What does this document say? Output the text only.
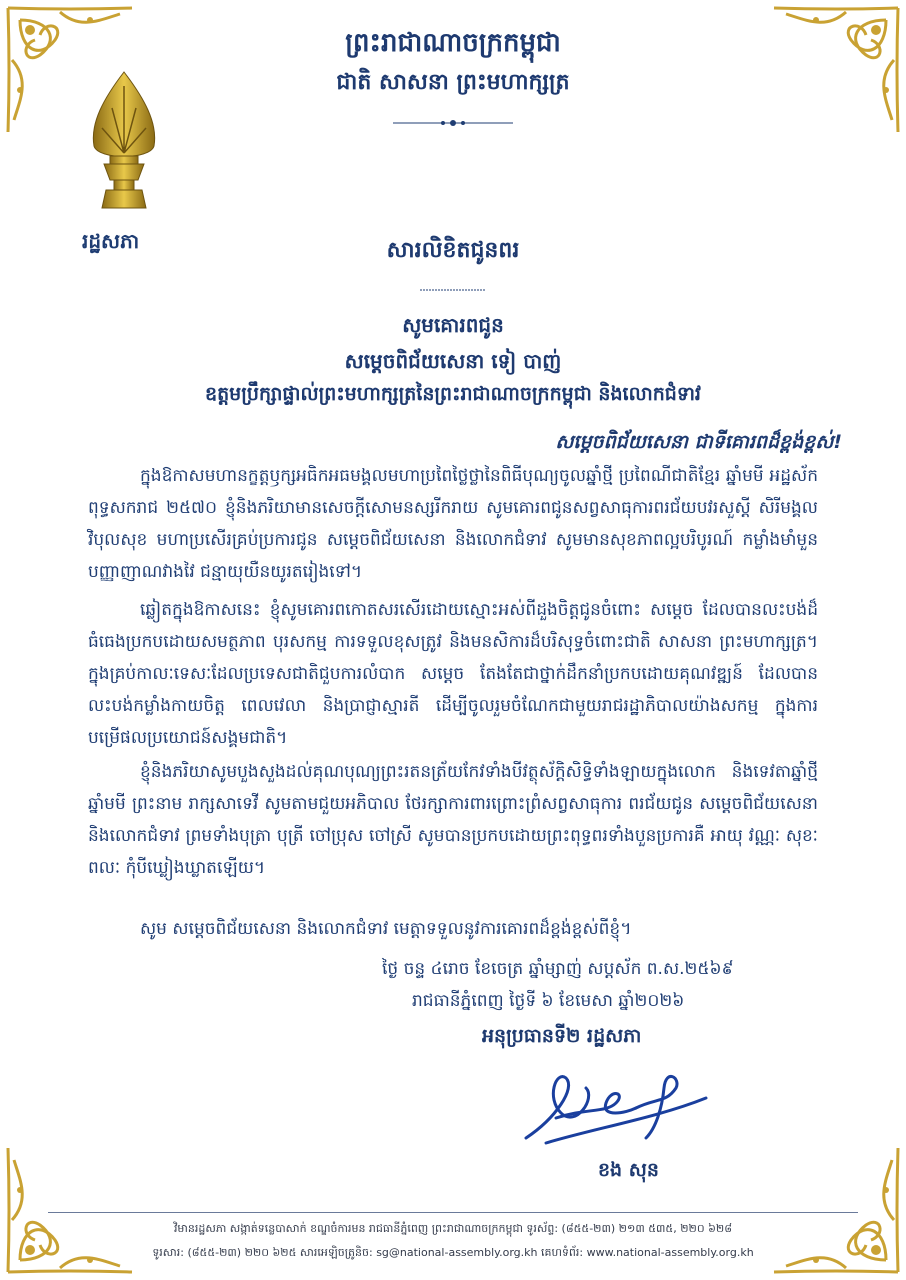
រដ្ឋសភា
ព្រះរាជាណាចក្រកម្ពុជា
ជាតិ សាសនា ព្រះមហាក្សត្រ
សារលិខិតជូនពរ
សូមគោរពជូន
សម្តេចពិជ័យសេនា ទៀ បាញ់
ឧត្តមប្រឹក្សាផ្ទាល់ព្រះមហាក្សត្រនៃព្រះរាជាណាចក្រកម្ពុជា និងលោកជំទាវ
សម្តេចពិជ័យសេនា ជាទីគោរពដ៏ខ្ពង់ខ្ពស់!
ក្នុងឱកាសមហានក្ខត្តឫក្សអធិកអធមង្គលមហាប្រពៃថ្លៃថ្លានៃពិធីបុណ្យចូលឆ្នាំថ្មី ប្រពៃណីជាតិខ្មែរ ឆ្នាំមមី អដ្ឋស័ក ពុទ្ធសករាជ ២៥៧០ ខ្ញុំនិងភរិយាមានសេចក្តីសោមនស្សរីករាយ សូមគោរពជូនសព្វសាធុការពរជ័យបវរសួស្តី សិរីមង្គល វិបុលសុខ មហាប្រសើរគ្រប់ប្រការជូន សម្តេចពិជ័យសេនា និងលោកជំទាវ សូមមានសុខភាពល្អបរិបូរណ៍ កម្លាំងមាំមួន បញ្ញាញាណវាងវៃ ជន្មាយុយឺនយូរតរៀងទៅ។
ឆ្លៀតក្នុងឱកាសនេះ ខ្ញុំសូមគោរពកោតសរសើរដោយស្មោះអស់ពីដួងចិត្តជូនចំពោះ សម្តេច ដែលបានលះបង់ដ៏ធំធេងប្រកបដោយសមត្ថភាព បុរសកម្ម ការទទួលខុសត្រូវ និងមនសិការដ៏បរិសុទ្ធចំពោះជាតិ សាសនា ព្រះមហាក្សត្រ។ ក្នុងគ្រប់កាលៈទេសៈដែលប្រទេសជាតិជួបការលំបាក សម្តេច តែងតែជាថ្នាក់ដឹកនាំប្រកបដោយគុណវឌ្ឍន៍ ដែលបានលះបង់កម្លាំងកាយចិត្ត ពេលវេលា និងប្រាជ្ញាស្មារតី ដើម្បីចូលរួមចំណែកជាមួយរាជរដ្ឋាភិបាលយ៉ាងសកម្ម ក្នុងការបម្រើផលប្រយោជន៍សង្គមជាតិ។
ខ្ញុំនិងភរិយាសូមបួងសួងដល់គុណបុណ្យព្រះរតនត្រ័យកែវទាំងបីវត្ថុស័ក្តិសិទ្ធិទាំងឡាយក្នុងលោក និងទេវតាឆ្នាំថ្មី ឆ្នាំមមី ព្រះនាម រាក្សសាទេវី សូមតាមជួយអភិបាល ថែរក្សាការពារព្រោះព្រំសព្វសាធុការ ពរជ័យជូន សម្តេចពិជ័យសេនា និងលោកជំទាវ ព្រមទាំងបុត្រា បុត្រី ចៅប្រុស ចៅស្រី សូមបានប្រកបដោយព្រះពុទ្ធពរទាំងបួនប្រការគឺ អាយុ វណ្ណៈ សុខៈ ពលៈ កុំបីឃ្លៀងឃ្លាតឡើយ។
សូម សម្តេចពិជ័យសេនា និងលោកជំទាវ មេត្តាទទួលនូវការគោរពដ៏ខ្ពង់ខ្ពស់ពីខ្ញុំ។
ថ្ងៃ ចន្ទ ៤រោច ខែចេត្រ ឆ្នាំម្សាញ់ សប្តស័ក ព.ស.២៥៦៩
រាជធានីភ្នំពេញ ថ្ងៃទី ៦ ខែមេសា ឆ្នាំ២០២៦
អនុប្រធានទី២ រដ្ឋសភា
ខង សុន
វិមានរដ្ឋសភា សង្កាត់ទន្លេបាសាក់ ខណ្ឌចំការមន រាជធានីភ្នំពេញ ព្រះរាជាណាចក្រកម្ពុជា ទូរស័ព្ទ: (៨៥៥-២៣) ២១៣ ៥៣៥, ២២០ ៦២៨
ទូរសារ: (៨៥៥-២៣) ២២០ ៦២៥ សារអេឡិចត្រូនិច: sg@national-assembly.org.kh គេហទំព័រ: www.national-assembly.org.kh
